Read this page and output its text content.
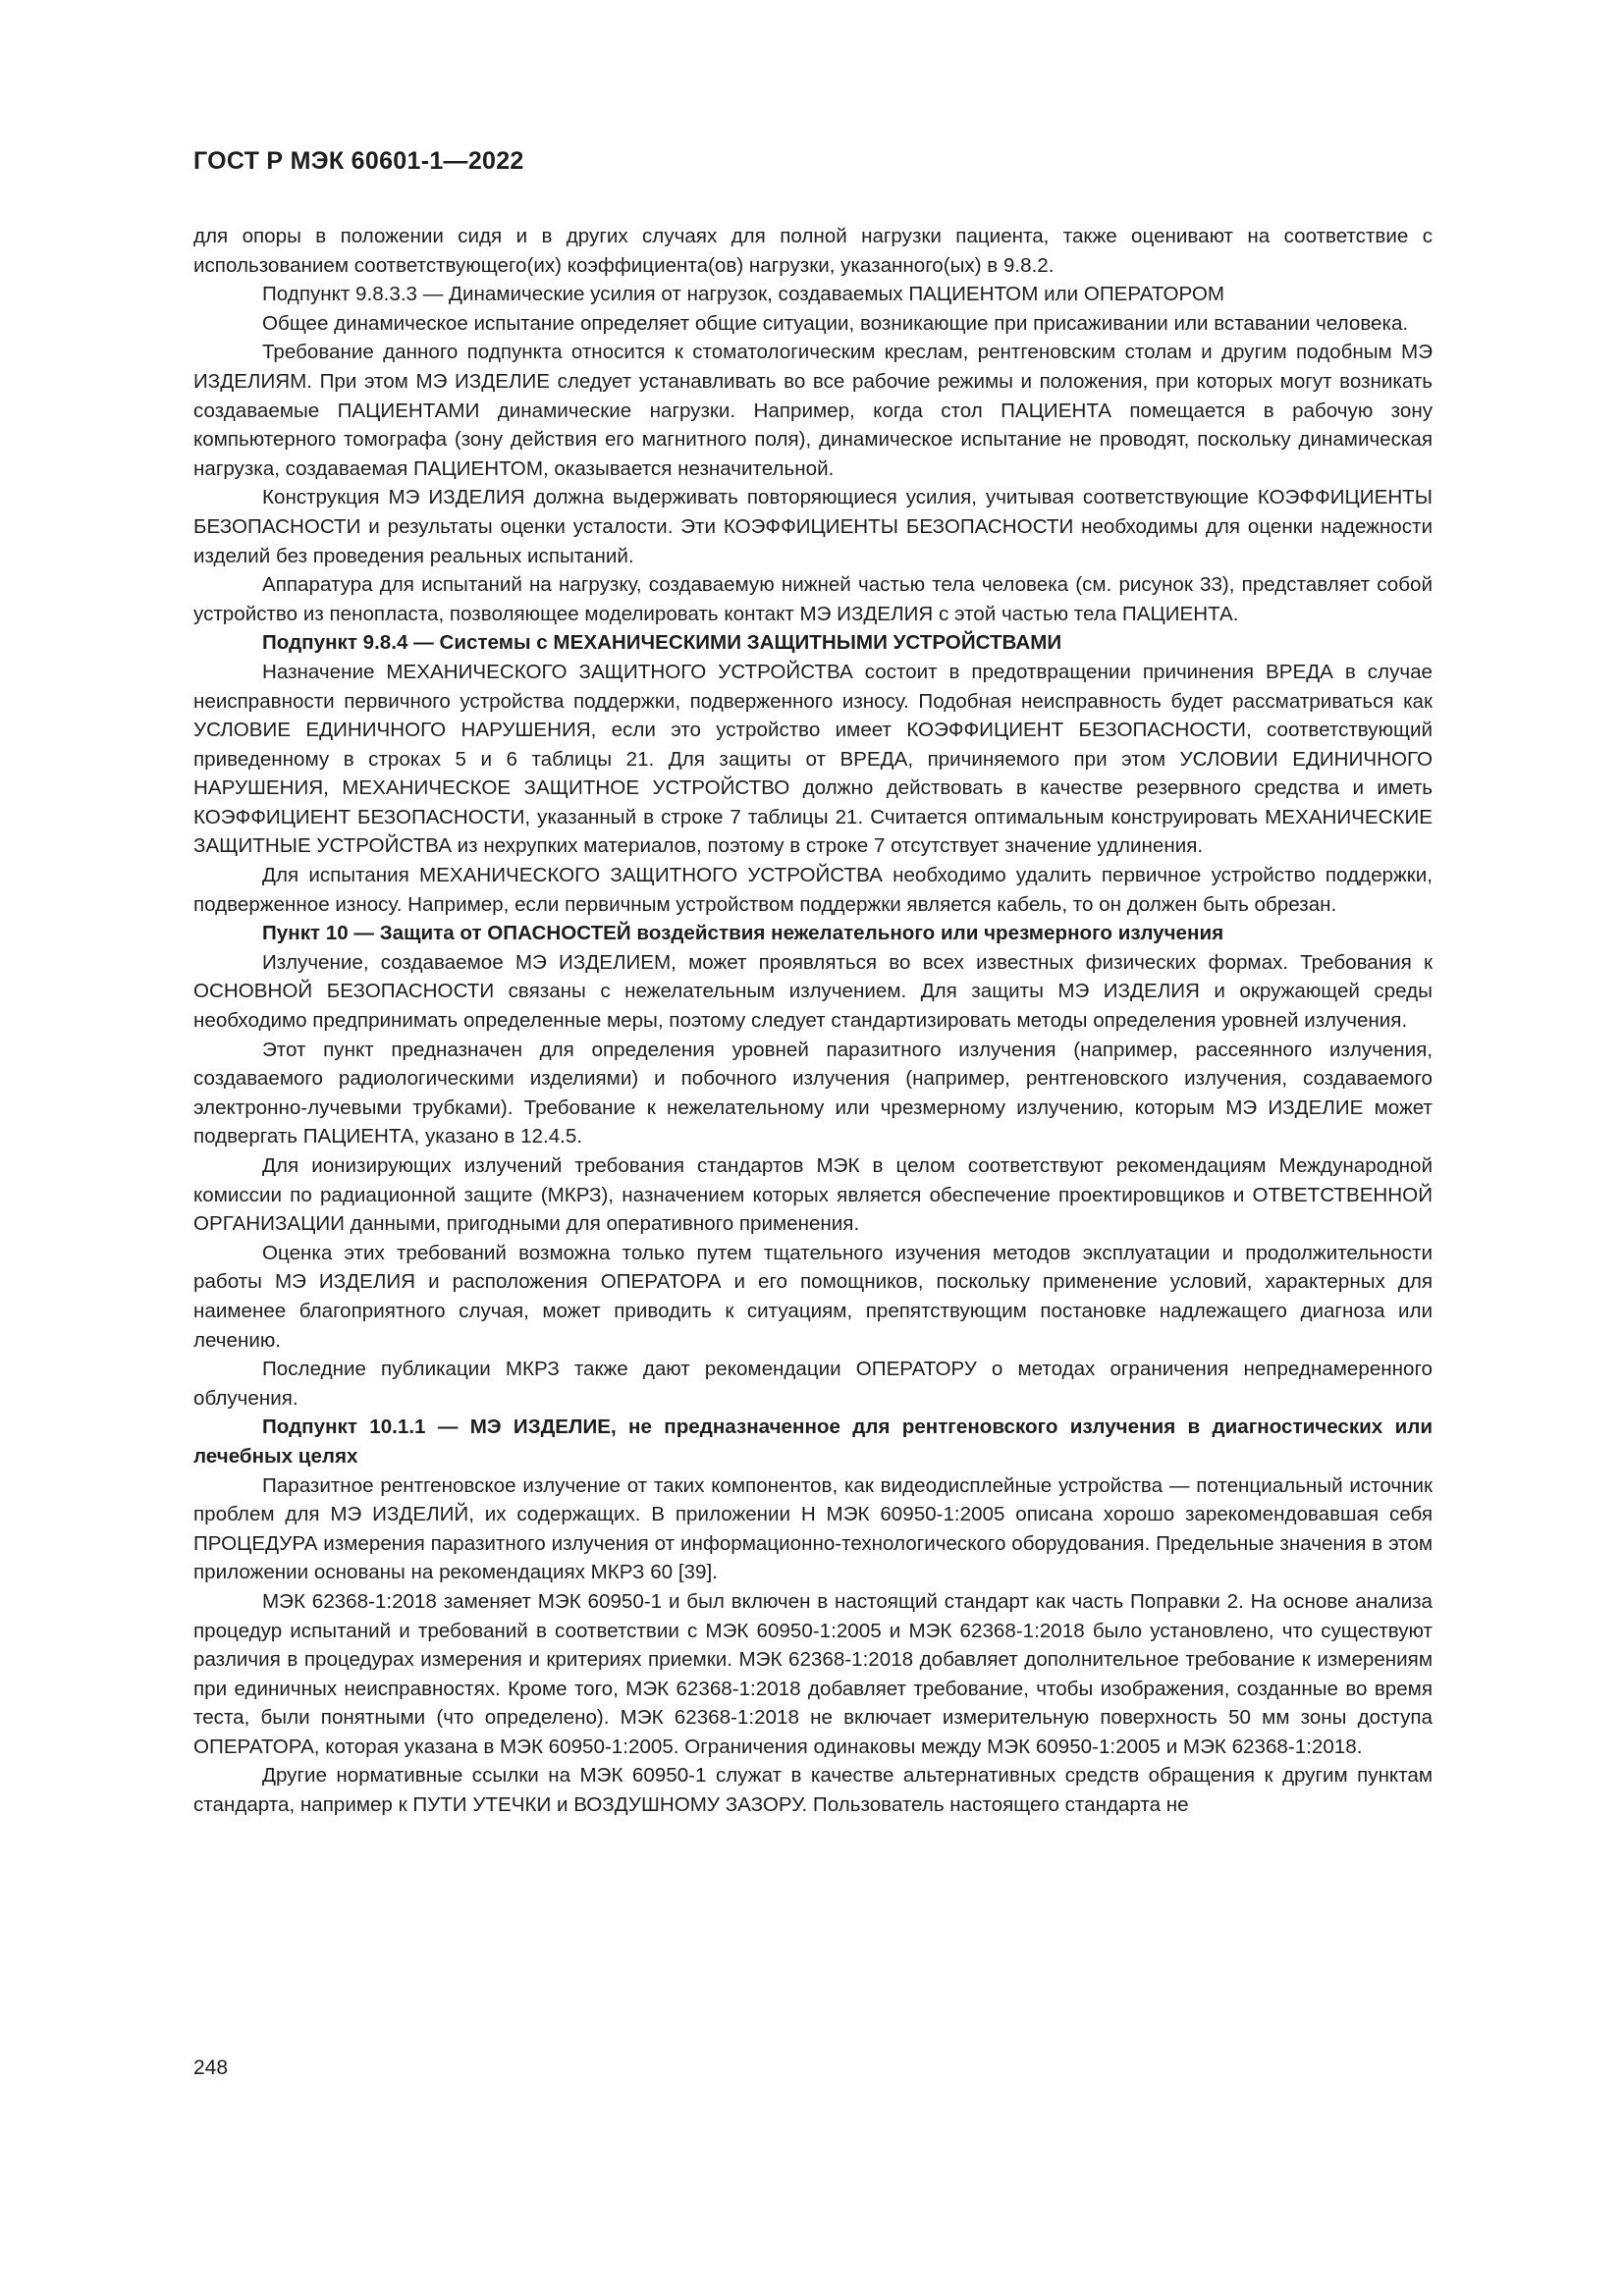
ГОСТ Р МЭК 60601-1—2022

для опоры в положении сидя и в других случаях для полной нагрузки пациента, также оценивают на соответствие с использованием соответствующего(их) коэффициента(ов) нагрузки, указанного(ых) в 9.8.2.

Подпункт 9.8.3.3 — Динамические усилия от нагрузок, создаваемых ПАЦИЕНТОМ или ОПЕРАТОРОМ

Общее динамическое испытание определяет общие ситуации, возникающие при присаживании или вставании человека.

Требование данного подпункта относится к стоматологическим креслам, рентгеновским столам и другим подобным МЭ ИЗДЕЛИЯМ. При этом МЭ ИЗДЕЛИЕ следует устанавливать во все рабочие режимы и положения, при которых могут возникать создаваемые ПАЦИЕНТАМИ динамические нагрузки. Например, когда стол ПАЦИЕНТА помещается в рабочую зону компьютерного томографа (зону действия его магнитного поля), динамическое испытание не проводят, поскольку динамическая нагрузка, создаваемая ПАЦИЕНТОМ, оказывается незначительной.

Конструкция МЭ ИЗДЕЛИЯ должна выдерживать повторяющиеся усилия, учитывая соответствующие КОЭФФИЦИЕНТЫ БЕЗОПАСНОСТИ и результаты оценки усталости. Эти КОЭФФИЦИЕНТЫ БЕЗОПАСНОСТИ необходимы для оценки надежности изделий без проведения реальных испытаний.

Аппаратура для испытаний на нагрузку, создаваемую нижней частью тела человека (см. рисунок 33), представляет собой устройство из пенопласта, позволяющее моделировать контакт МЭ ИЗДЕЛИЯ с этой частью тела ПАЦИЕНТА.

Подпункт 9.8.4 — Системы с МЕХАНИЧЕСКИМИ ЗАЩИТНЫМИ УСТРОЙСТВАМИ

Назначение МЕХАНИЧЕСКОГО ЗАЩИТНОГО УСТРОЙСТВА состоит в предотвращении причинения ВРЕДА в случае неисправности первичного устройства поддержки, подверженного износу. Подобная неисправность будет рассматриваться как УСЛОВИЕ ЕДИНИЧНОГО НАРУШЕНИЯ, если это устройство имеет КОЭФФИЦИЕНТ БЕЗОПАСНОСТИ, соответствующий приведенному в строках 5 и 6 таблицы 21. Для защиты от ВРЕДА, причиняемого при этом УСЛОВИИ ЕДИНИЧНОГО НАРУШЕНИЯ, МЕХАНИЧЕСКОЕ ЗАЩИТНОЕ УСТРОЙСТВО должно действовать в качестве резервного средства и иметь КОЭФФИЦИЕНТ БЕЗОПАСНОСТИ, указанный в строке 7 таблицы 21. Считается оптимальным конструировать МЕХАНИЧЕСКИЕ ЗАЩИТНЫЕ УСТРОЙСТВА из нехрупких материалов, поэтому в строке 7 отсутствует значение удлинения.

Для испытания МЕХАНИЧЕСКОГО ЗАЩИТНОГО УСТРОЙСТВА необходимо удалить первичное устройство поддержки, подверженное износу. Например, если первичным устройством поддержки является кабель, то он должен быть обрезан.

Пункт 10 — Защита от ОПАСНОСТЕЙ воздействия нежелательного или чрезмерного излучения

Излучение, создаваемое МЭ ИЗДЕЛИЕМ, может проявляться во всех известных физических формах. Требования к ОСНОВНОЙ БЕЗОПАСНОСТИ связаны с нежелательным излучением. Для защиты МЭ ИЗДЕЛИЯ и окружающей среды необходимо предпринимать определенные меры, поэтому следует стандартизировать методы определения уровней излучения.

Этот пункт предназначен для определения уровней паразитного излучения (например, рассеянного излучения, создаваемого радиологическими изделиями) и побочного излучения (например, рентгеновского излучения, создаваемого электронно-лучевыми трубками). Требование к нежелательному или чрезмерному излучению, которым МЭ ИЗДЕЛИЕ может подвергать ПАЦИЕНТА, указано в 12.4.5.

Для ионизирующих излучений требования стандартов МЭК в целом соответствуют рекомендациям Международной комиссии по радиационной защите (МКРЗ), назначением которых является обеспечение проектировщиков и ОТВЕТСТВЕННОЙ ОРГАНИЗАЦИИ данными, пригодными для оперативного применения.

Оценка этих требований возможна только путем тщательного изучения методов эксплуатации и продолжительности работы МЭ ИЗДЕЛИЯ и расположения ОПЕРАТОРА и его помощников, поскольку применение условий, характерных для наименее благоприятного случая, может приводить к ситуациям, препятствующим постановке надлежащего диагноза или лечению.

Последние публикации МКРЗ также дают рекомендации ОПЕРАТОРУ о методах ограничения непреднамеренного облучения.

Подпункт 10.1.1 — МЭ ИЗДЕЛИЕ, не предназначенное для рентгеновского излучения в диагностических или лечебных целях

Паразитное рентгеновское излучение от таких компонентов, как видеодисплейные устройства — потенциальный источник проблем для МЭ ИЗДЕЛИЙ, их содержащих. В приложении Н МЭК 60950-1:2005 описана хорошо зарекомендовавшая себя ПРОЦЕДУРА измерения паразитного излучения от информационно-технологического оборудования. Предельные значения в этом приложении основаны на рекомендациях МКРЗ 60 [39].

МЭК 62368-1:2018 заменяет МЭК 60950-1 и был включен в настоящий стандарт как часть Поправки 2. На основе анализа процедур испытаний и требований в соответствии с МЭК 60950-1:2005 и МЭК 62368-1:2018 было установлено, что существуют различия в процедурах измерения и критериях приемки. МЭК 62368-1:2018 добавляет дополнительное требование к измерениям при единичных неисправностях. Кроме того, МЭК 62368-1:2018 добавляет требование, чтобы изображения, созданные во время теста, были понятными (что определено). МЭК 62368-1:2018 не включает измерительную поверхность 50 мм зоны доступа ОПЕРАТОРА, которая указана в МЭК 60950-1:2005. Ограничения одинаковы между МЭК 60950-1:2005 и МЭК 62368-1:2018.

Другие нормативные ссылки на МЭК 60950-1 служат в качестве альтернативных средств обращения к другим пунктам стандарта, например к ПУТИ УТЕЧКИ и ВОЗДУШНОМУ ЗАЗОРУ. Пользователь настоящего стандарта не

248
